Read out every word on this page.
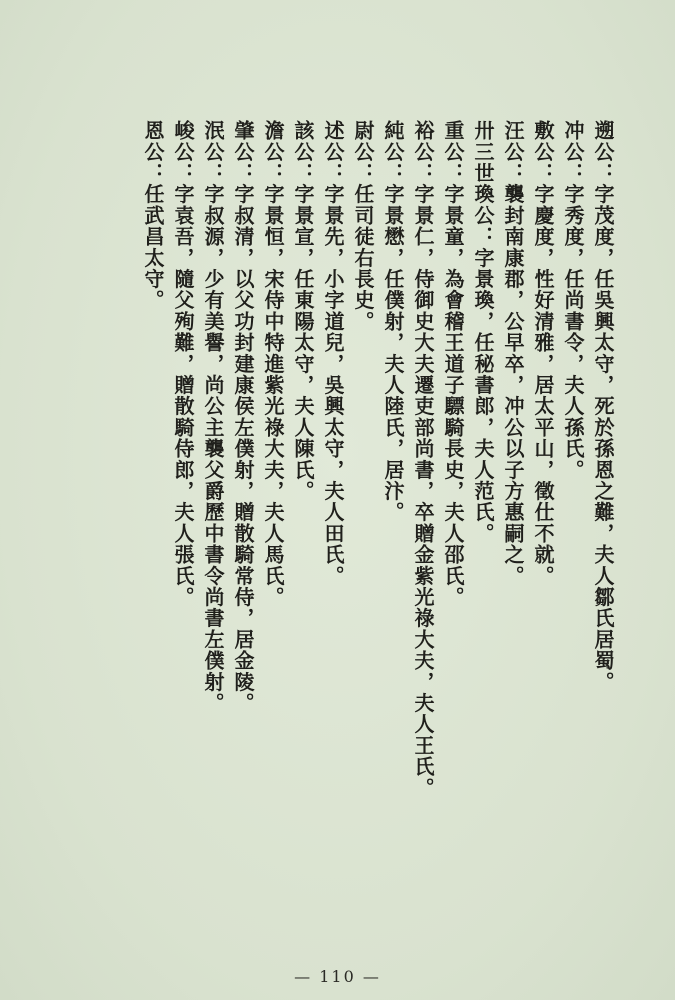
遡公：字茂度，任吳興太守，死於孫恩之難，夫人鄒氏居蜀。
冲公：字秀度，任尚書令，夫人孫氏。
敷公：字慶度，性好清雅，居太平山，徵仕不就。
汪公：襲封南康郡，公早卒，冲公以子方惠嗣之。
卅三世瑍公：字景瑍，任秘書郎，夫人范氏。
重公：字景童，為會稽王道子驃騎長史，夫人邵氏。
裕公：字景仁，侍御史大夫遷吏部尚書，卒贈金紫光祿大夫，夫人王氏。
純公：字景懋，任僕射，夫人陸氏，居汴。
尉公：任司徒右長史。
述公：字景先，小字道兒，吳興太守，夫人田氏。
該公：字景宣，任東陽太守，夫人陳氏。
澹公：字景恒，宋侍中特進紫光祿大夫，夫人馬氏。
肇公：字叔清，以父功封建康侯左僕射，贈散騎常侍，居金陵。
泯公：字叔源，少有美譽，尚公主襲父爵歷中書令尚書左僕射。
峻公：字袁吾，隨父殉難，贈散騎侍郎，夫人張氏。
恩公：任武昌太守。
— 110 —
